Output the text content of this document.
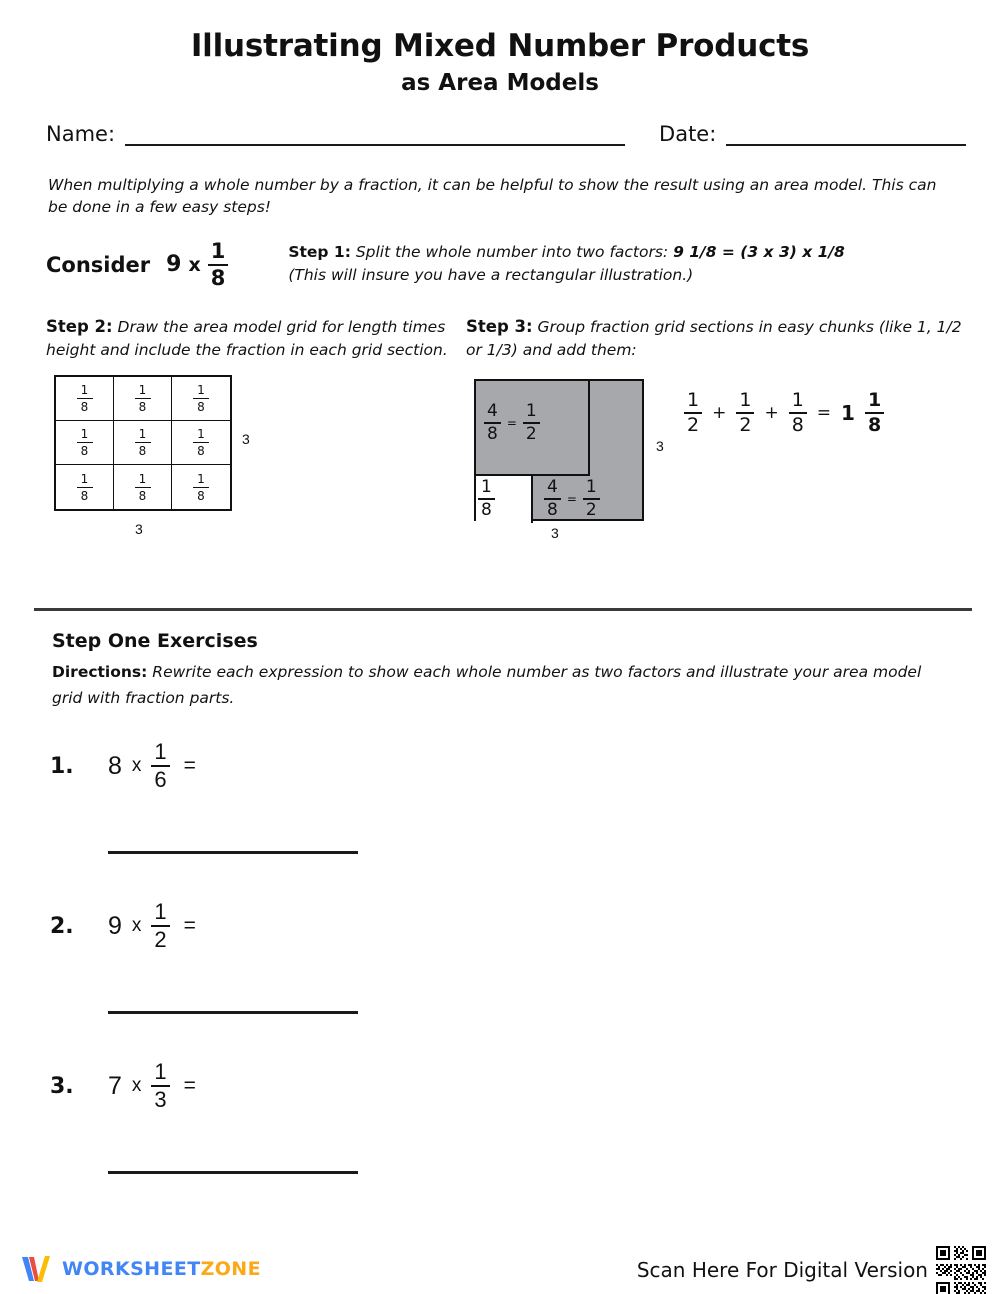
Illustrating Mixed Number Products
as Area Models
Name:	Date:
When multiplying a whole number by a fraction, it can be helpful to show the result using an area model. This can be done in a few easy steps!
Consider 9 x $\frac{1}{8}$	Step 1: Split the whole number into two factors: 9 1/8 = (3 x 3) x 1/8
(This will insure you have a rectangular illustration.)
Step 2: Draw the area model grid for length times height and include the fraction in each grid section.
$\frac{1}{8}$	$\frac{1}{8}$	$\frac{1}{8}$
$\frac{1}{8}$	$\frac{1}{8}$	$\frac{1}{8}$
$\frac{1}{8}$	$\frac{1}{8}$	$\frac{1}{8}$
3
3
Step 3: Group fraction grid sections in easy chunks (like 1, 1/2 or 1/3) and add them:
$\frac{4}{8} = \frac{1}{2}$
$\frac{1}{8}$	$\frac{4}{8} = \frac{1}{2}$
3
3
$\frac{1}{2} + \frac{1}{2} + \frac{1}{8} = 1 \frac{1}{8}$
Step One Exercises
Directions: Rewrite each expression to show each whole number as two factors and illustrate your area model grid with fraction parts.
1.	8 x $\frac{1}{6}$ =
2.	9 x $\frac{1}{2}$ =
3.	7 x $\frac{1}{3}$ =
WORKSHEETZONE	Scan Here For Digital Version
